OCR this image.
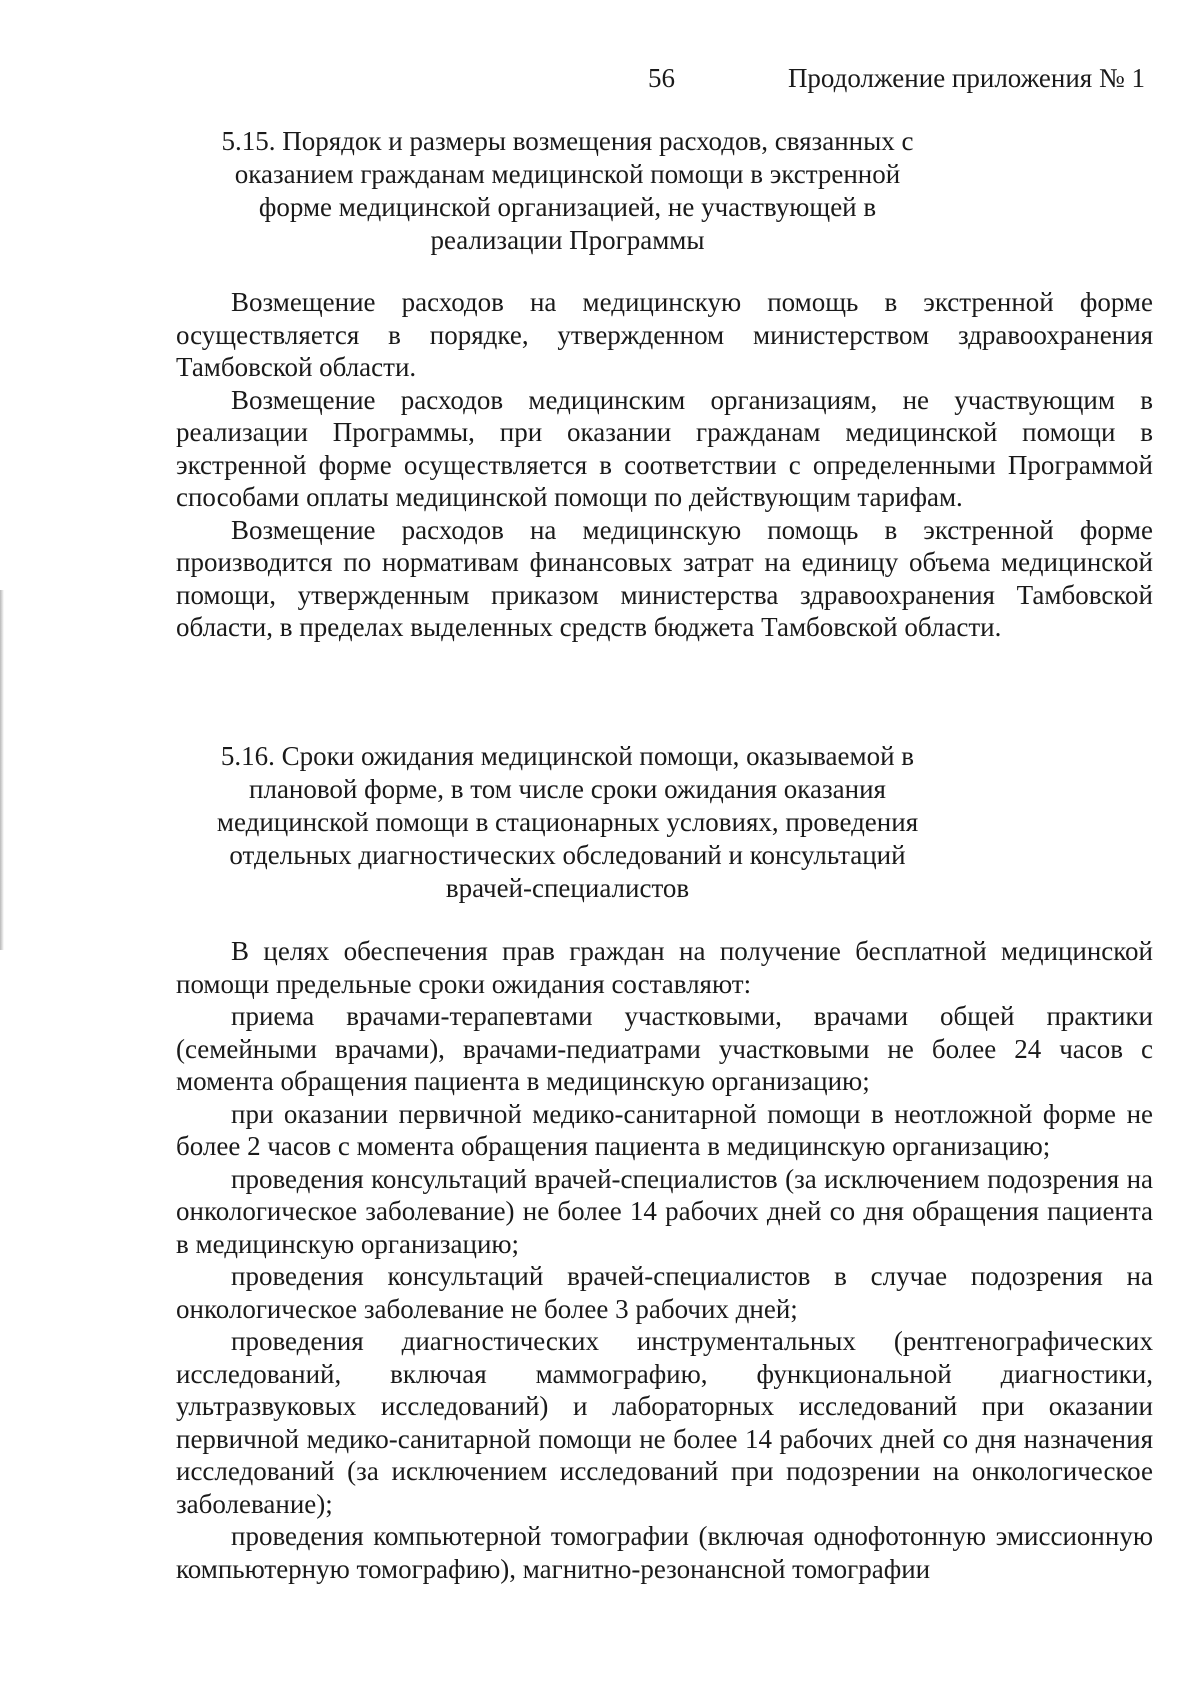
56	Продолжение приложения № 1
5.15. Порядок и размеры возмещения расходов, связанных с оказанием гражданам медицинской помощи в экстренной форме медицинской организацией, не участвующей в реализации Программы

Возмещение расходов на медицинскую помощь в экстренной форме осуществляется в порядке, утвержденном министерством здравоохранения Тамбовской области.

Возмещение расходов медицинским организациям, не участвующим в реализации Программы, при оказании гражданам медицинской помощи в экстренной форме осуществляется в соответствии с определенными Программой способами оплаты медицинской помощи по действующим тарифам.

Возмещение расходов на медицинскую помощь в экстренной форме производится по нормативам финансовых затрат на единицу объема медицинской помощи, утвержденным приказом министерства здравоохранения Тамбовской области, в пределах выделенных средств бюджета Тамбовской области.

5.16. Сроки ожидания медицинской помощи, оказываемой в плановой форме, в том числе сроки ожидания оказания медицинской помощи в стационарных условиях, проведения отдельных диагностических обследований и консультаций врачей-специалистов

В целях обеспечения прав граждан на получение бесплатной медицинской помощи предельные сроки ожидания составляют:

приема врачами-терапевтами участковыми, врачами общей практики (семейными врачами), врачами-педиатрами участковыми не более 24 часов с момента обращения пациента в медицинскую организацию;

при оказании первичной медико-санитарной помощи в неотложной форме не более 2 часов с момента обращения пациента в медицинскую организацию;

проведения консультаций врачей-специалистов (за исключением подозрения на онкологическое заболевание) не более 14 рабочих дней со дня обращения пациента в медицинскую организацию;

проведения консультаций врачей-специалистов в случае подозрения на онкологическое заболевание не более 3 рабочих дней;

проведения диагностических инструментальных (рентгенографических исследований, включая маммографию, функциональной диагностики, ультразвуковых исследований) и лабораторных исследований при оказании первичной медико-санитарной помощи не более 14 рабочих дней со дня назначения исследований (за исключением исследований при подозрении на онкологическое заболевание);

проведения компьютерной томографии (включая однофотонную эмиссионную компьютерную томографию), магнитно-резонансной томографии
